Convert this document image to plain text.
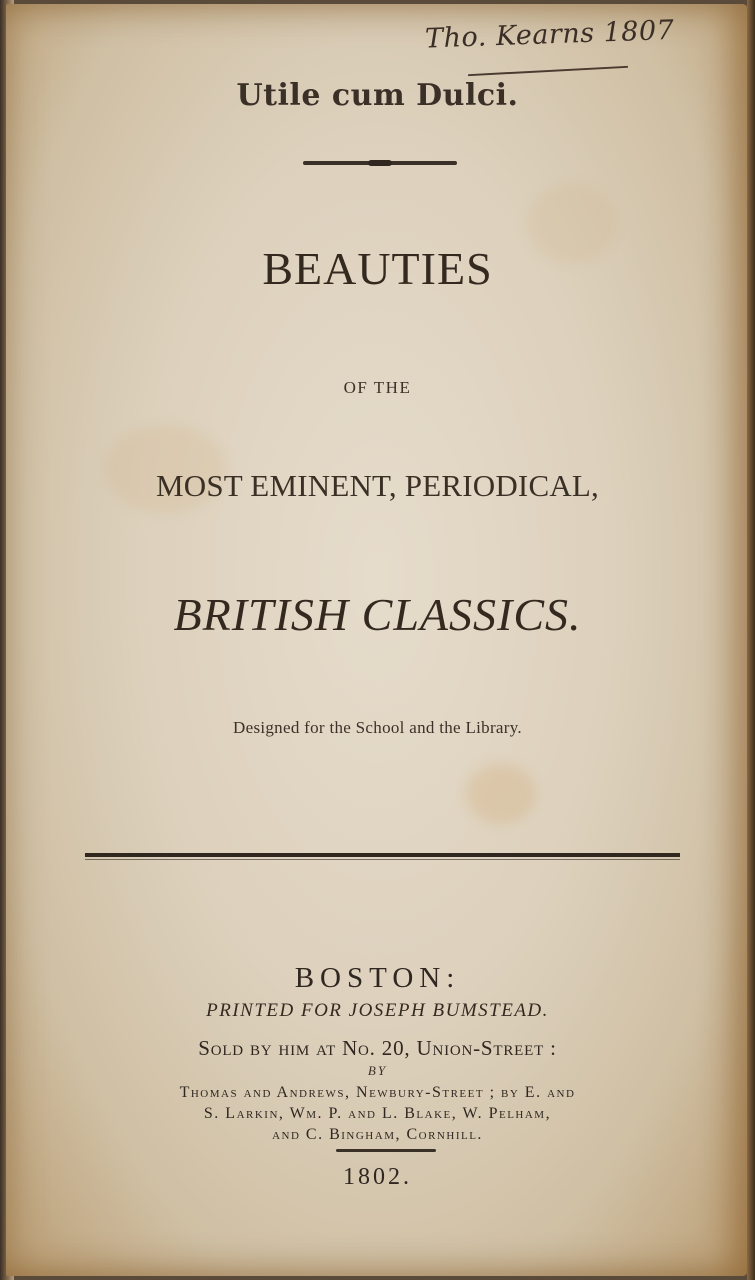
Tho. Kearns 1807
Utile cum Dulci.
BEAUTIES
OF THE
MOST EMINENT, PERIODICAL,
BRITISH CLASSICS.
Designed for the School and the Library.
BOSTON:
PRINTED FOR JOSEPH BUMSTEAD.
Sold by him at No. 20, Union-Street :
BY
Thomas and Andrews, Newbury-Street ; by E. and
S. Larkin, Wm. P. and L. Blake, W. Pelham,
and C. Bingham, Cornhill.
1802.
